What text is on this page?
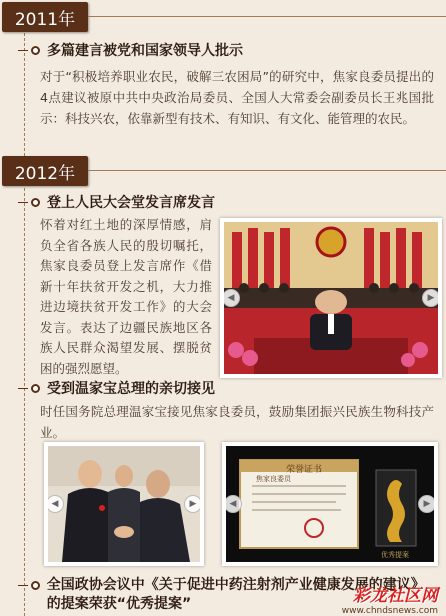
2011年
多篇建言被党和国家领导人批示
对于“积极培养职业农民，破解三农困局”的研究中，焦家良委员提出的4点建议被原中共中央政治局委员、全国人大常委会副委员长王兆国批示：科技兴农，依靠新型有技术、有知识、有文化、能管理的农民。
2012年
登上人民大会堂发言席发言
怀着对红土地的深厚情感，肩负全省各族人民的殷切嘱托，焦家良委员登上发言席作《借新十年扶贫开发之机，大力推进边境扶贫开发工作》的大会发言。表达了边疆民族地区各族人民群众渴望发展、摆脱贫困的强烈愿望。
◀	▶
受到温家宝总理的亲切接见
时任国务院总理温家宝接见焦家良委员，鼓励集团振兴民族生物科技产业。
◀	▶
荣誉证书
焦家良委员
优秀提案
◀	▶
全国政协会议中《关于促进中药注射剂产业健康发展的建议》的提案荣获“优秀提案”	彩龙社区网
www.chndsnews.com
